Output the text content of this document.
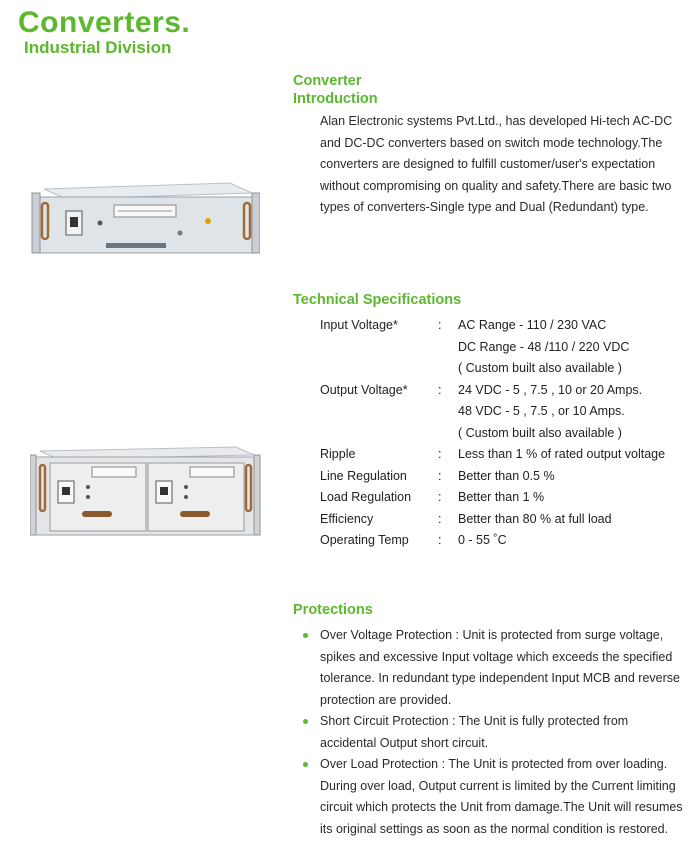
Converters.
Industrial Division
Converter
Introduction

Alan Electronic systems Pvt.Ltd., has developed Hi-tech AC-DC and DC-DC converters based on switch mode technology.The converters are designed to fulfill customer/user's expectation without compromising on quality and safety.There are basic two types of converters-Single type and Dual (Redundant) type.

Technical Specifications
Input Voltage*	:	AC Range - 110 / 230 VAC
		DC Range - 48 /110 / 220 VDC
		( Custom built also available )
Output Voltage*	:	24 VDC - 5 , 7.5 , 10 or 20 Amps.
		48 VDC - 5 , 7.5 , or 10 Amps.
		( Custom built also available )
Ripple	:	Less than 1 % of rated output voltage
Line Regulation	:	Better than 0.5 %
Load Regulation	:	Better than 1 %
Efficiency	:	Better than 80 % at full load
Operating Temp	:	0 - 55 ˚C
Protections
Over Voltage Protection : Unit is protected from surge voltage, spikes and excessive Input voltage which exceeds the specified tolerance. In redundant type independent Input MCB and reverse protection are provided.
Short Circuit Protection : The Unit is fully protected from accidental Output short circuit.
Over Load Protection : The Unit is protected from over loading. During over load, Output current is limited by the Current limiting circuit which protects the Unit from damage.The Unit will resumes its original settings as soon as the normal condition is restored.
